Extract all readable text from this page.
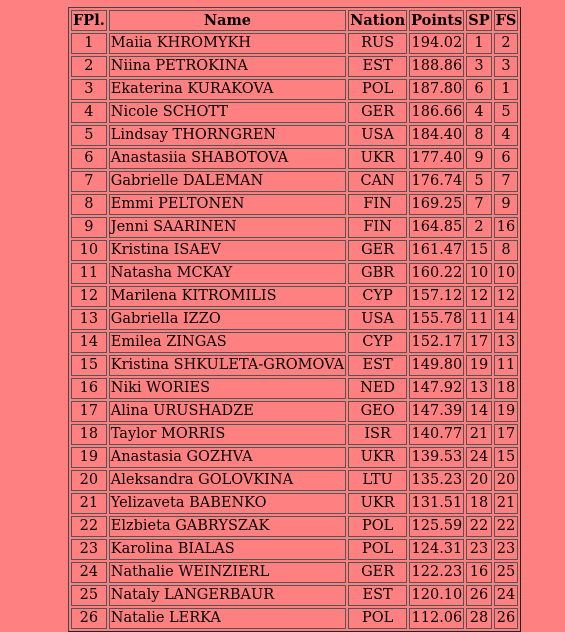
FPl.	Name	Nation	Points	SP	FS
1	Maiia KHROMYKH	RUS	194.02	1	2
2	Niina PETROKINA	EST	188.86	3	3
3	Ekaterina KURAKOVA	POL	187.80	6	1
4	Nicole SCHOTT	GER	186.66	4	5
5	Lindsay THORNGREN	USA	184.40	8	4
6	Anastasiia SHABOTOVA	UKR	177.40	9	6
7	Gabrielle DALEMAN	CAN	176.74	5	7
8	Emmi PELTONEN	FIN	169.25	7	9
9	Jenni SAARINEN	FIN	164.85	2	16
10	Kristina ISAEV	GER	161.47	15	8
11	Natasha MCKAY	GBR	160.22	10	10
12	Marilena KITROMILIS	CYP	157.12	12	12
13	Gabriella IZZO	USA	155.78	11	14
14	Emilea ZINGAS	CYP	152.17	17	13
15	Kristina SHKULETA-GROMOVA	EST	149.80	19	11
16	Niki WORIES	NED	147.92	13	18
17	Alina URUSHADZE	GEO	147.39	14	19
18	Taylor MORRIS	ISR	140.77	21	17
19	Anastasia GOZHVA	UKR	139.53	24	15
20	Aleksandra GOLOVKINA	LTU	135.23	20	20
21	Yelizaveta BABENKO	UKR	131.51	18	21
22	Elzbieta GABRYSZAK	POL	125.59	22	22
23	Karolina BIALAS	POL	124.31	23	23
24	Nathalie WEINZIERL	GER	122.23	16	25
25	Nataly LANGERBAUR	EST	120.10	26	24
26	Natalie LERKA	POL	112.06	28	26
